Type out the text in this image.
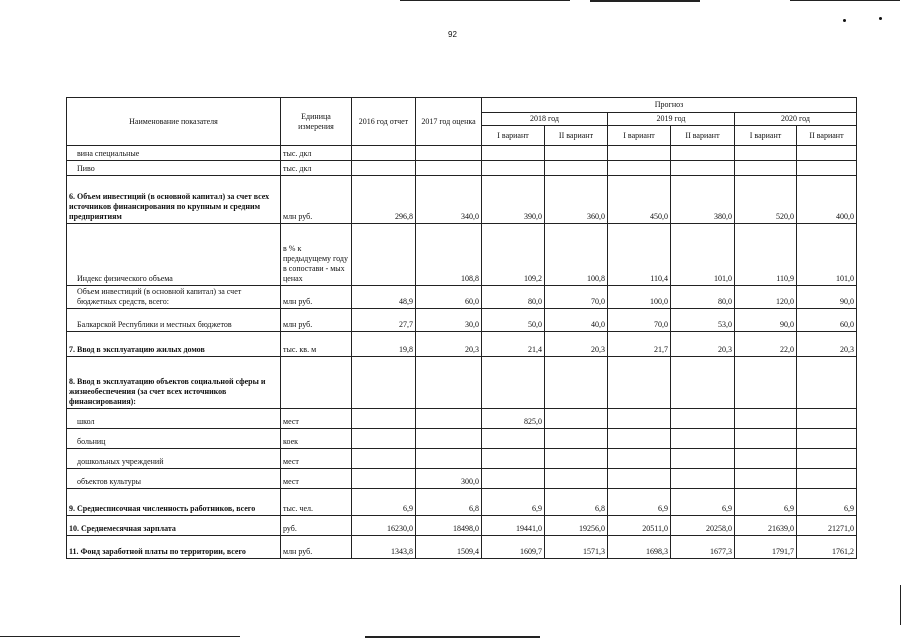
92
Наименование показателя	Единица измерения	2016 год отчет	2017 год оценка	Прогноз					
				2018 год		2019 год		2020 год	
				I вариант	II вариант	I вариант	II вариант	I вариант	II вариант
вина специальные	тыс. дкл								
Пиво	тыс. дкл								
6. Объем инвестиций (в основной капитал) за счет всех источников финансирования по крупным и средним предприятиям	млн руб.	296,8	340,0	390,0	360,0	450,0	380,0	520,0	400,0
Индекс физического объема	в % к предыдущему году в сопостави - мых ценах		108,8	109,2	100,8	110,4	101,0	110,9	101,0
Объем инвестиций (в основной капитал) за счет бюджетных средств, всего:	млн руб.	48,9	60,0	80,0	70,0	100,0	80,0	120,0	90,0
Балкарской Республики и местных бюджетов	млн руб.	27,7	30,0	50,0	40,0	70,0	53,0	90,0	60,0
7. Ввод в эксплуатацию жилых домов	тыс. кв. м	19,8	20,3	21,4	20,3	21,7	20,3	22,0	20,3
8. Ввод в эксплуатацию объектов социальной сферы и жизнеобеспечения (за счет всех источников финансирования):									
школ	мест			825,0					
больниц	коек								
дошкольных учреждений	мест								
объектов культуры	мест		300,0						
9. Среднесписочная численность работников, всего	тыс. чел.	6,9	6,8	6,9	6,8	6,9	6,9	6,9	6,9
10. Среднемесячная зарплата	руб.	16230,0	18498,0	19441,0	19256,0	20511,0	20258,0	21639,0	21271,0
11. Фонд заработной платы по территории, всего	млн руб.	1343,8	1509,4	1609,7	1571,3	1698,3	1677,3	1791,7	1761,2
